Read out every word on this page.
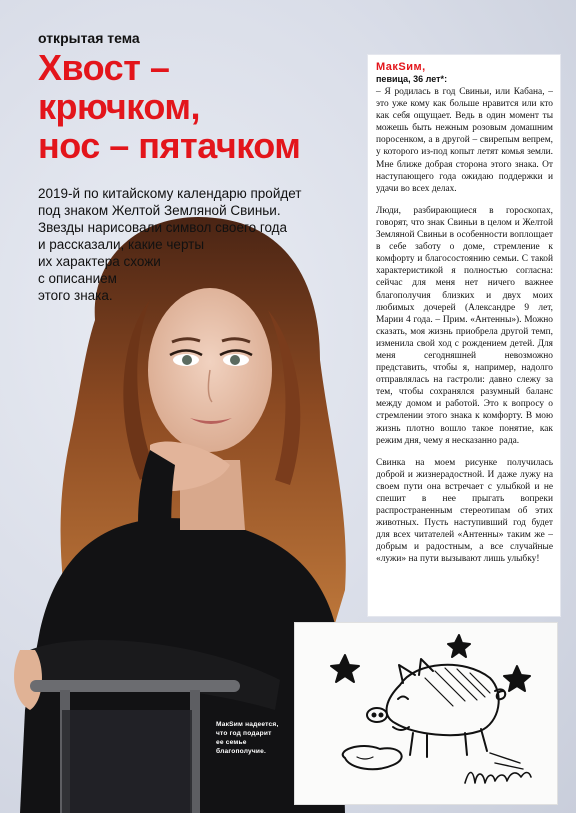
открытая тема
Хвост –
крючком,
нос – пятачком
2019-й по китайскому календарю пройдет
под знаком Желтой Земляной Свиньи.
Звезды нарисовали символ своего года
и рассказали, какие черты
их характера схожи
с описанием
этого знака.
МакSим,
певица, 36 лет*:

– Я родилась в год Свиньи, или Кабана, – это уже кому как больше нравится или кто как себя ощущает. Ведь в один момент ты можешь быть нежным розовым домашним поросенком, а в другой – свирепым вепрем, у которого из-под копыт летят комья земли. Мне ближе добрая сторона этого знака. От наступающего года ожидаю поддержки и удачи во всех делах.

Люди, разбирающиеся в гороскопах, говорят, что знак Свиньи в целом и Желтой Земляной Свиньи в особенности воплощает в себе заботу о доме, стремление к комфорту и благосостоянию семьи. С такой характеристикой я полностью согласна: сейчас для меня нет ничего важнее благополучия близких и двух моих любимых дочерей (Александре 9 лет, Марии 4 года. – Прим. «Антенны»). Можно сказать, моя жизнь приобрела другой темп, изменила свой ход с рождением детей. Для меня сегодняшней невозможно представить, чтобы я, например, надолго отправлялась на гастроли: давно слежу за тем, чтобы сохранялся разумный баланс между домом и работой. Это к вопросу о стремлении этого знака к комфорту. В мою жизнь плотно вошло такое понятие, как режим дня, чему я несказанно рада.

Свинка на моем рисунке получилась доброй и жизнерадостной. И даже лужу на своем пути она встречает с улыбкой и не спешит в нее прыгать вопреки распространенным стереотипам об этих животных. Пусть наступивший год будет для всех читателей «Антенны» таким же – добрым и радостным, а все случайные «лужи» на пути вызывают лишь улыбку!

МакSим надеется,
что год подарит
ее семье
благополучие.
